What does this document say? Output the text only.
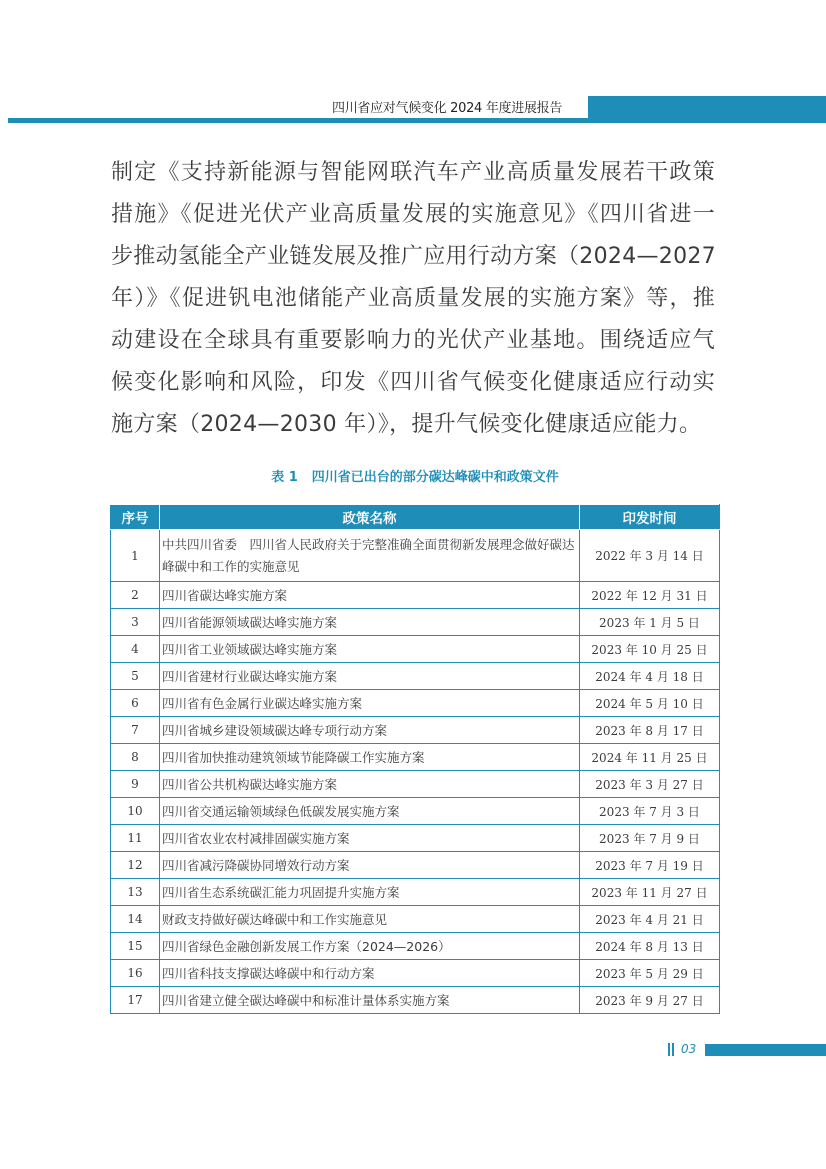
四川省应对气候变化 2024 年度进展报告
制定《支持新能源与智能网联汽车产业高质量发展若干政策
措施》《促进光伏产业高质量发展的实施意见》《四川省进一
步推动氢能全产业链发展及推广应用行动方案（2024—2027
年）》《促进钒电池储能产业高质量发展的实施方案》等，推
动建设在全球具有重要影响力的光伏产业基地。围绕适应气
候变化影响和风险，印发《四川省气候变化健康适应行动实
施方案（2024—2030 年）》，提升气候变化健康适应能力。
表 1 四川省已出台的部分碳达峰碳中和政策文件
序号	政策名称	印发时间
1	中共四川省委　四川省人民政府关于完整准确全面贯彻新发展理念做好碳达峰碳中和工作的实施意见	2022 年 3 月 14 日
2	四川省碳达峰实施方案	2022 年 12 月 31 日
3	四川省能源领域碳达峰实施方案	2023 年 1 月 5 日
4	四川省工业领域碳达峰实施方案	2023 年 10 月 25 日
5	四川省建材行业碳达峰实施方案	2024 年 4 月 18 日
6	四川省有色金属行业碳达峰实施方案	2024 年 5 月 10 日
7	四川省城乡建设领域碳达峰专项行动方案	2023 年 8 月 17 日
8	四川省加快推动建筑领域节能降碳工作实施方案	2024 年 11 月 25 日
9	四川省公共机构碳达峰实施方案	2023 年 3 月 27 日
10	四川省交通运输领域绿色低碳发展实施方案	2023 年 7 月 3 日
11	四川省农业农村减排固碳实施方案	2023 年 7 月 9 日
12	四川省减污降碳协同增效行动方案	2023 年 7 月 19 日
13	四川省生态系统碳汇能力巩固提升实施方案	2023 年 11 月 27 日
14	财政支持做好碳达峰碳中和工作实施意见	2023 年 4 月 21 日
15	四川省绿色金融创新发展工作方案（2024—2026）	2024 年 8 月 13 日
16	四川省科技支撑碳达峰碳中和行动方案	2023 年 5 月 29 日
17	四川省建立健全碳达峰碳中和标准计量体系实施方案	2023 年 9 月 27 日
03
